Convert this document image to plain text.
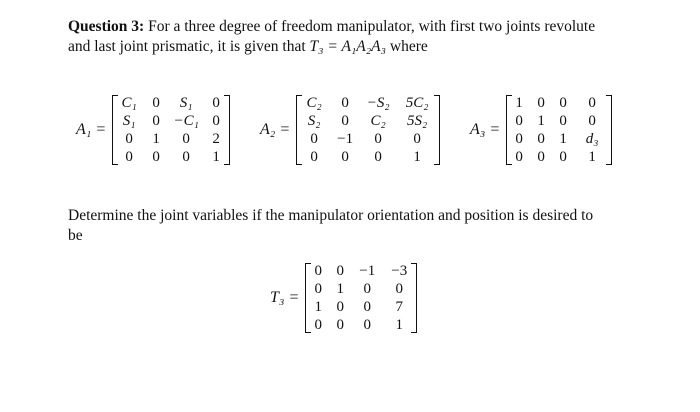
Question 3: For a three degree of freedom manipulator, with first two joints revolute

and last joint prismatic, it is given that T₃ = A₁A₂A₃ where

A₁ =
C₁ 0	S₁	0
S₁ 0 −C₁ 0
0	1	0	2
0	0	0	1
A₂ =
C₂	0	−S₂	5C₂
S₂	0	C₂	5S₂
0	−1	0	0
0	0	0	1
A₃ =
1 0 0	0
0 1 0	0
0 0 1	d₃
0 0 0	1

Determine the joint variables if the manipulator orientation and position is desired to

be

T₃ =
0 0 −1 −3
0 1	0	0
1 0	0	7
0 0	0	1
